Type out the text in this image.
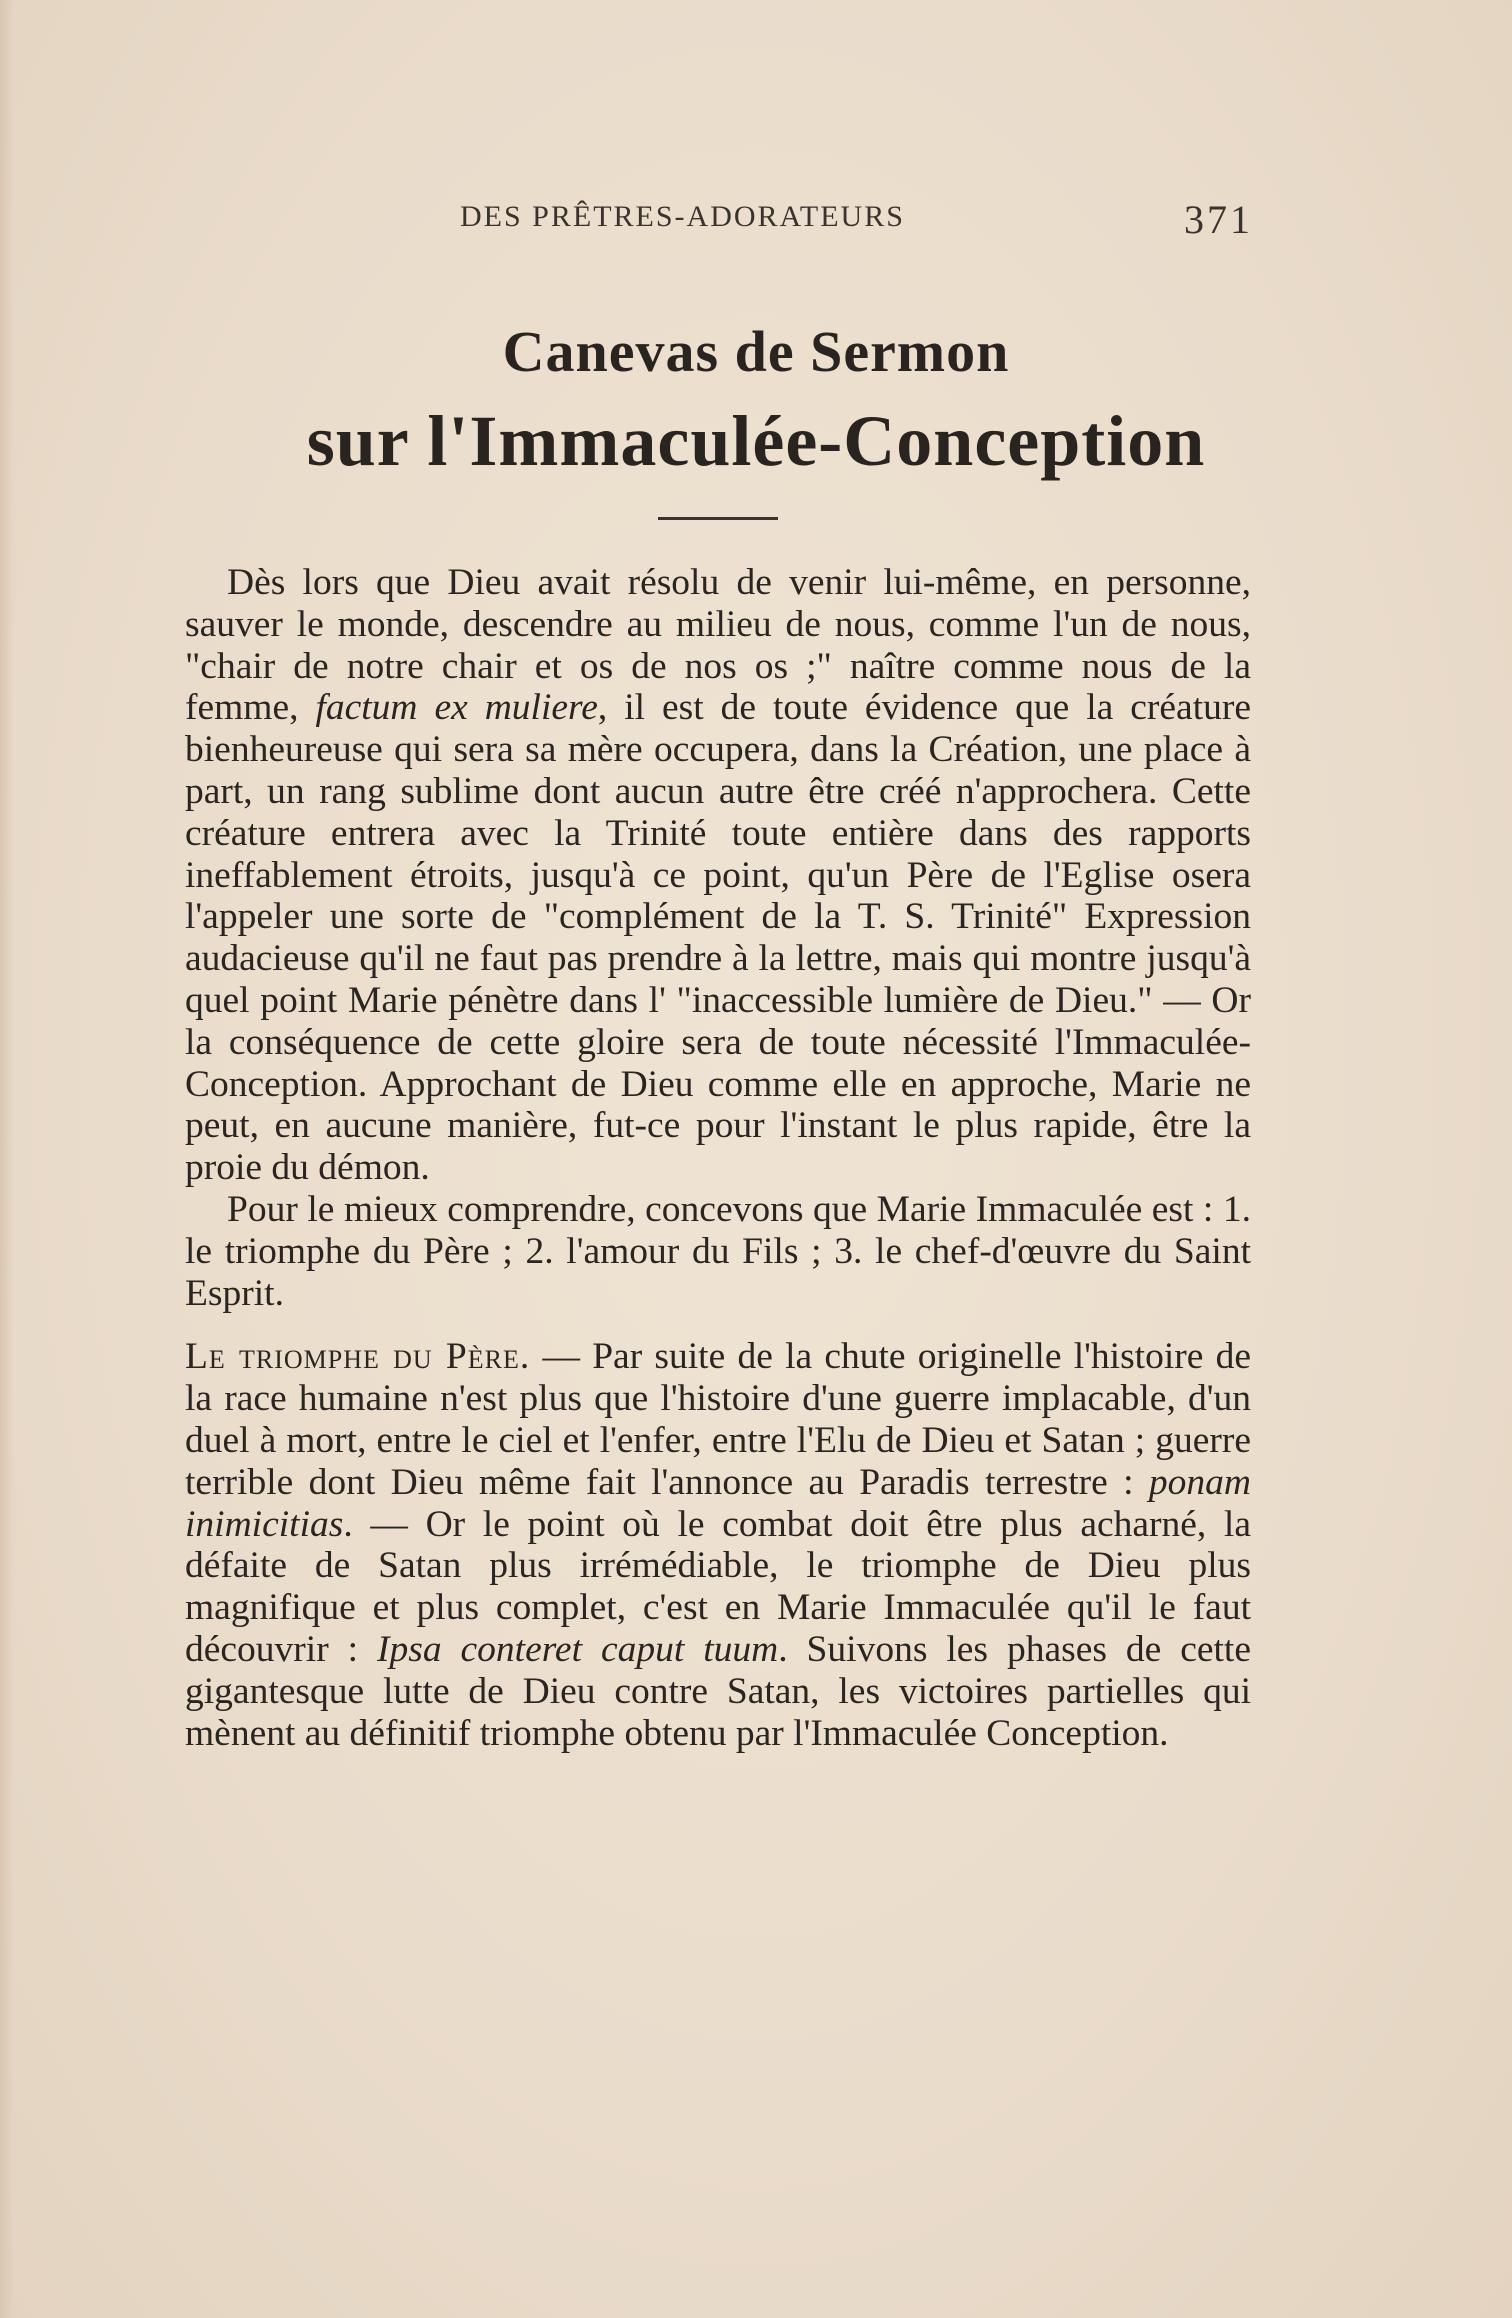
DES PRÊTRES-ADORATEURS	371
Canevas de Sermon
sur l'Immaculée-Conception

Dès lors que Dieu avait résolu de venir lui-même, en personne, sauver le monde, descendre au milieu de nous, comme l'un de nous, "chair de notre chair et os de nos os ;" naître comme nous de la femme, factum ex muliere, il est de toute évidence que la créature bienheureuse qui sera sa mère occupera, dans la Création, une place à part, un rang sublime dont aucun autre être créé n'approchera. Cette créature entrera avec la Trinité toute entière dans des rapports ineffablement étroits, jusqu'à ce point, qu'un Père de l'Eglise osera l'appeler une sorte de "complément de la T. S. Trinité" Expression audacieuse qu'il ne faut pas prendre à la lettre, mais qui montre jusqu'à quel point Marie pénètre dans l' "inaccessible lumière de Dieu." — Or la conséquence de cette gloire sera de toute nécessité l'Immaculée-Conception. Approchant de Dieu comme elle en approche, Marie ne peut, en aucune manière, fut-ce pour l'instant le plus rapide, être la proie du démon.

Pour le mieux comprendre, concevons que Marie Immaculée est : 1. le triomphe du Père ; 2. l'amour du Fils ; 3. le chef-d'œuvre du Saint Esprit.

Le triomphe du Père. — Par suite de la chute originelle l'histoire de la race humaine n'est plus que l'histoire d'une guerre implacable, d'un duel à mort, entre le ciel et l'enfer, entre l'Elu de Dieu et Satan ; guerre terrible dont Dieu même fait l'annonce au Paradis terrestre : ponam inimicitias. — Or le point où le combat doit être plus acharné, la défaite de Satan plus irrémédiable, le triomphe de Dieu plus magnifique et plus complet, c'est en Marie Immaculée qu'il le faut découvrir : Ipsa conteret caput tuum. Suivons les phases de cette gigantesque lutte de Dieu contre Satan, les victoires partielles qui mènent au définitif triomphe obtenu par l'Immaculée Conception.
